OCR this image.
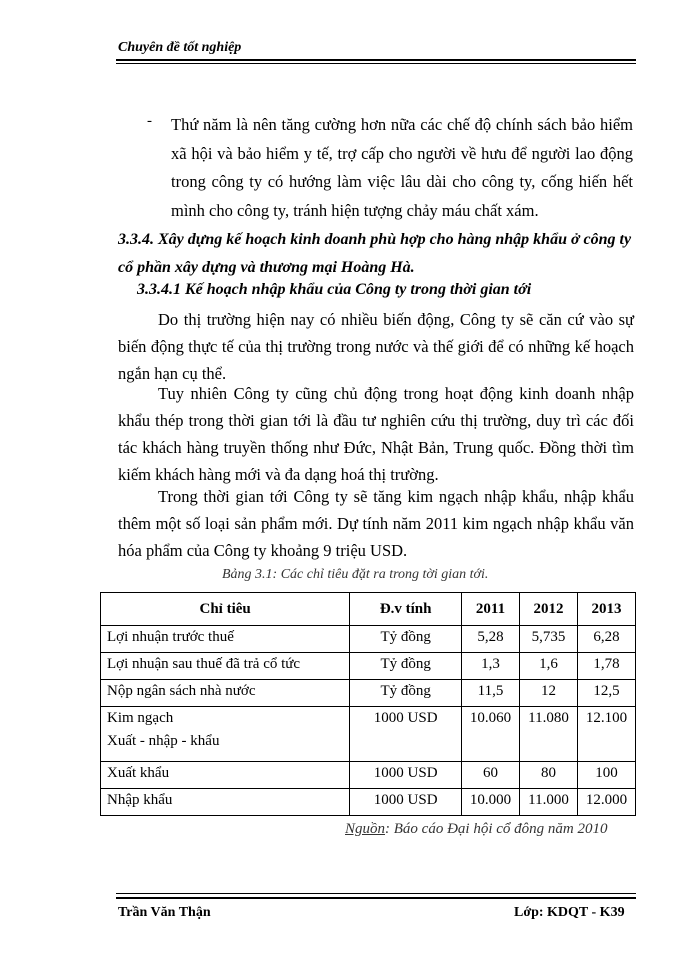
Chuyên đề tốt nghiệp
- Thứ năm là nên tăng cường hơn nữa các chế độ chính sách bảo hiểm xã hội và bảo hiểm y tế, trợ cấp cho người về hưu để người lao động trong công ty có hướng làm việc lâu dài cho công ty, cống hiến hết mình cho công ty, tránh hiện tượng chảy máu chất xám.
3.3.4. Xây dựng kế hoạch kinh doanh phù hợp cho hàng nhập khẩu ở công ty cổ phần xây dựng và thương mại Hoàng Hà.
3.3.4.1 Kế hoạch nhập khẩu của Công ty trong thời gian tới

Do thị trường hiện nay có nhiều biến động, Công ty sẽ căn cứ vào sự biến động thực tế của thị trường trong nước và thế giới để có những kế hoạch ngắn hạn cụ thể.

Tuy nhiên Công ty cũng chủ động trong hoạt động kinh doanh nhập khẩu thép trong thời gian tới là đầu tư nghiên cứu thị trường, duy trì các đối tác khách hàng truyền thống như Đức, Nhật Bản, Trung quốc. Đồng thời tìm kiếm khách hàng mới và đa dạng hoá thị trường.

Trong thời gian tới Công ty sẽ tăng kim ngạch nhập khẩu, nhập khẩu thêm một số loại sản phẩm mới. Dự tính năm 2011 kim ngạch nhập khẩu văn hóa phẩm của Công ty khoảng 9 triệu USD.

Bảng 3.1: Các chỉ tiêu đặt ra trong tời gian tới.
Chỉ tiêu	Đ.v tính	2011	2012	2013
Lợi nhuận trước thuế	Tỷ đồng	5,28	5,735	6,28
Lợi nhuận sau thuế đã trả cổ tức	Tỷ đồng	1,3	1,6	1,78
Nộp ngân sách nhà nước	Tỷ đồng	11,5	12	12,5

Kim ngạch
Xuất - nhập - khẩu	1000 USD	10.060	11.080	12.100
Xuất khẩu	1000 USD	60	80	100
Nhập khẩu	1000 USD	10.000	11.000	12.000
Nguồn: Báo cáo Đại hội cổ đông năm 2010
Trần Văn Thận	Lớp: KDQT - K39
